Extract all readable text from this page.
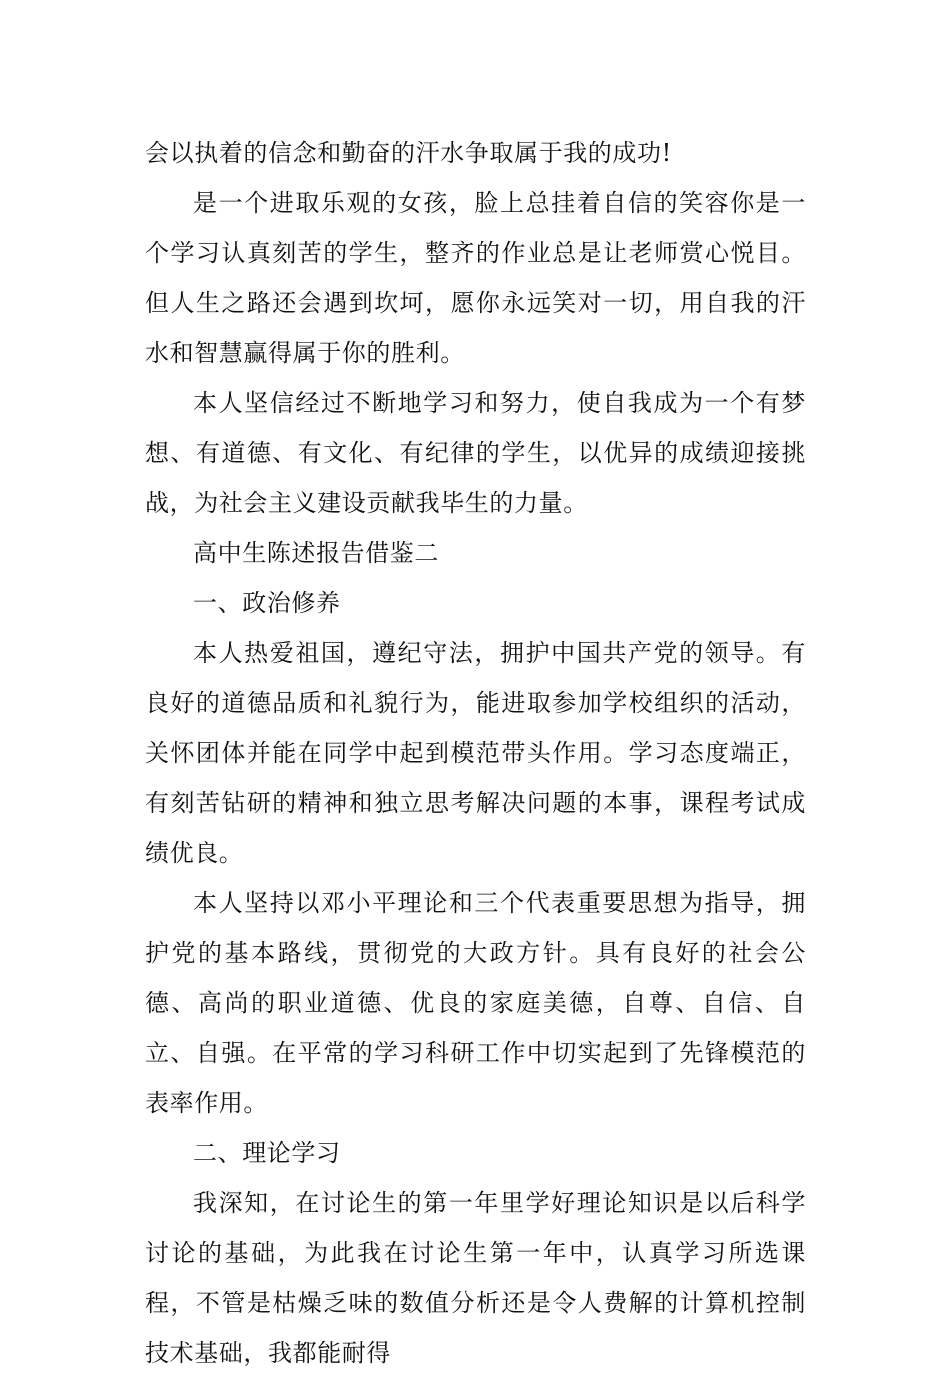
会以执着的信念和勤奋的汗水争取属于我的成功!

是一个进取乐观的女孩，脸上总挂着自信的笑容你是一个学习认真刻苦的学生，整齐的作业总是让老师赏心悦目。但人生之路还会遇到坎坷，愿你永远笑对一切，用自我的汗水和智慧赢得属于你的胜利。

本人坚信经过不断地学习和努力，使自我成为一个有梦想、有道德、有文化、有纪律的学生，以优异的成绩迎接挑战，为社会主义建设贡献我毕生的力量。

高中生陈述报告借鉴二

一、政治修养

本人热爱祖国，遵纪守法，拥护中国共产党的领导。有良好的道德品质和礼貌行为，能进取参加学校组织的活动，关怀团体并能在同学中起到模范带头作用。学习态度端正，有刻苦钻研的精神和独立思考解决问题的本事，课程考试成绩优良。

本人坚持以邓小平理论和三个代表重要思想为指导，拥护党的基本路线，贯彻党的大政方针。具有良好的社会公德、高尚的职业道德、优良的家庭美德，自尊、自信、自立、自强。在平常的学习科研工作中切实起到了先锋模范的表率作用。

二、理论学习

我深知，在讨论生的第一年里学好理论知识是以后科学讨论的基础，为此我在讨论生第一年中，认真学习所选课程，不管是枯燥乏味的数值分析还是令人费解的计算机控制技术基础，我都能耐得
